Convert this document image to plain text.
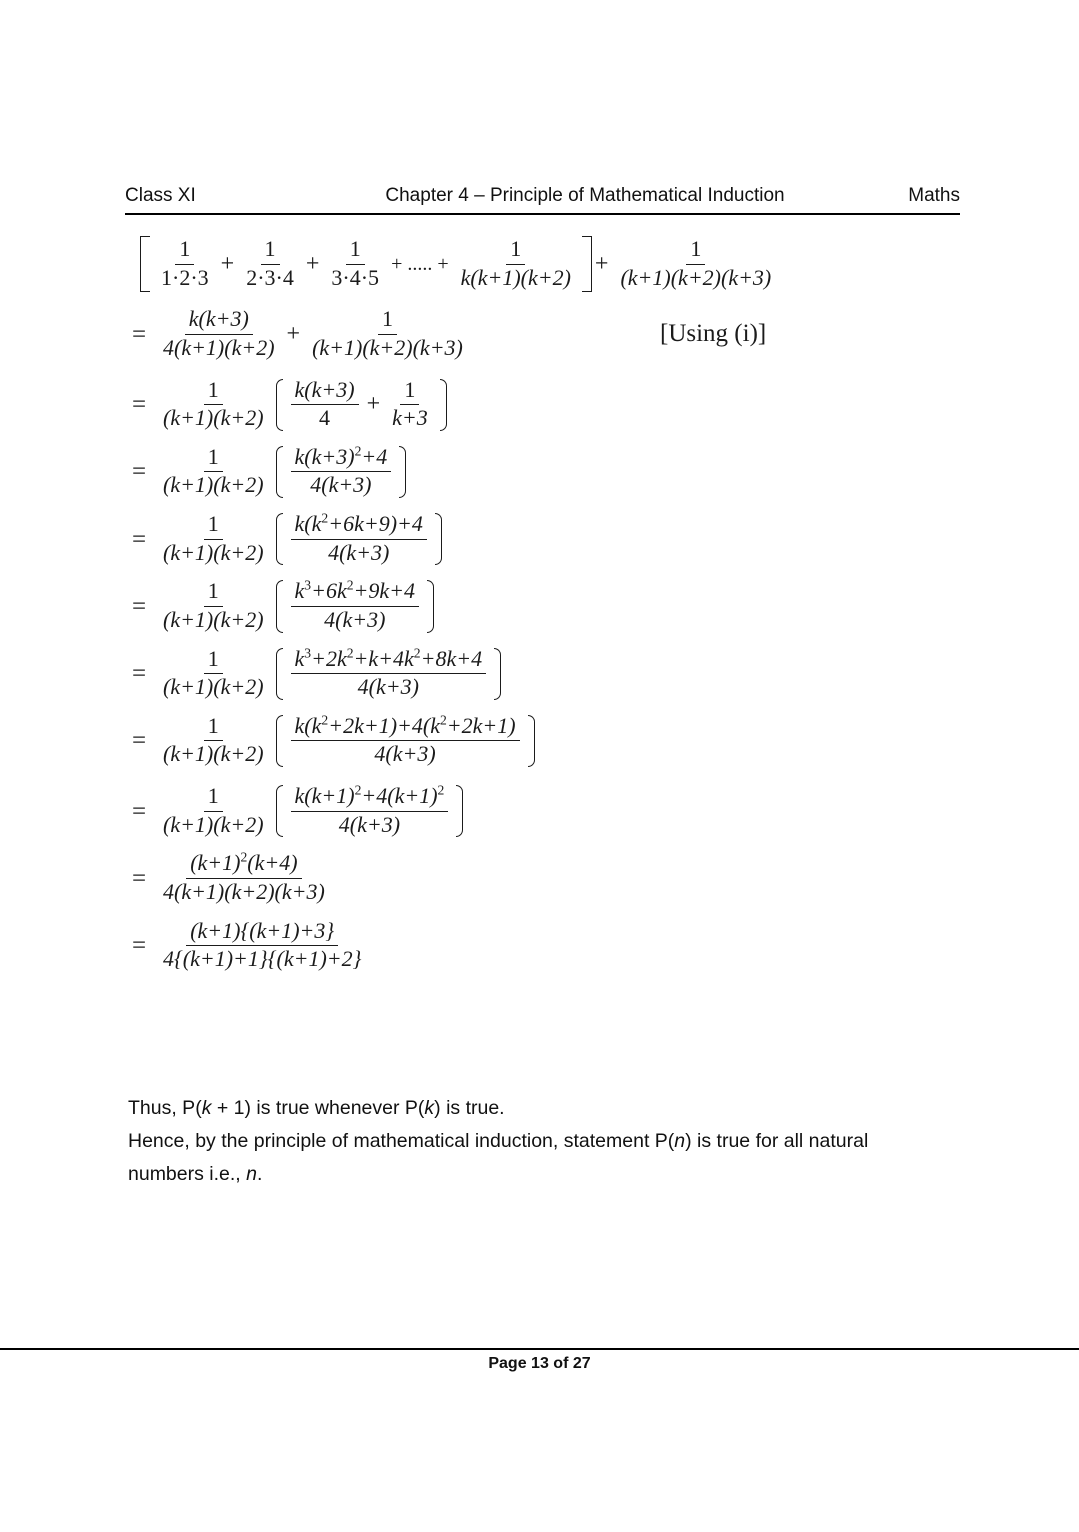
Class XI	Chapter 4 – Principle of Mathematical Induction	Maths
$\frac{1}{1\cdot 2\cdot 3} + \frac{1}{2\cdot 3\cdot 4} + \frac{1}{3\cdot 4\cdot 5}$ + ..... + $\frac{1}{k(k+1)(k+2)} + \frac{1}{(k+1)(k+2)(k+3)}$
= $\frac{k(k+3)}{4(k+1)(k+2)} + \frac{1}{(k+1)(k+2)(k+3)}$	[Using (i)]
= $\frac{1}{(k+1)(k+2)} \frac{k(k+3)}{4} + \frac{1}{k+3}$
= $\frac{1}{(k+1)(k+2)} \frac{k(k+3)^2+4}{4(k+3)}$
= $\frac{1}{(k+1)(k+2)} \frac{k(k^2+6k+9)+4}{4(k+3)}$
= $\frac{1}{(k+1)(k+2)} \frac{k^3+6k^2+9k+4}{4(k+3)}$
= $\frac{1}{(k+1)(k+2)} \frac{k^3+2k^2+k+4k^2+8k+4}{4(k+3)}$
= $\frac{1}{(k+1)(k+2)} \frac{k(k^2+2k+1)+4(k^2+2k+1)}{4(k+3)}$
= $\frac{1}{(k+1)(k+2)} \frac{k(k+1)^2+4(k+1)^2}{4(k+3)}$
= $\frac{(k+1)^2(k+4)}{4(k+1)(k+2)(k+3)}$
= $\frac{(k+1)\{(k+1)+3\}}{4\{(k+1)+1\}\{(k+1)+2\}}$

Thus, P(k + 1) is true whenever P(k) is true.

Hence, by the principle of mathematical induction, statement P(n) is true for all natural

numbers i.e., n.

Page 13 of 27
